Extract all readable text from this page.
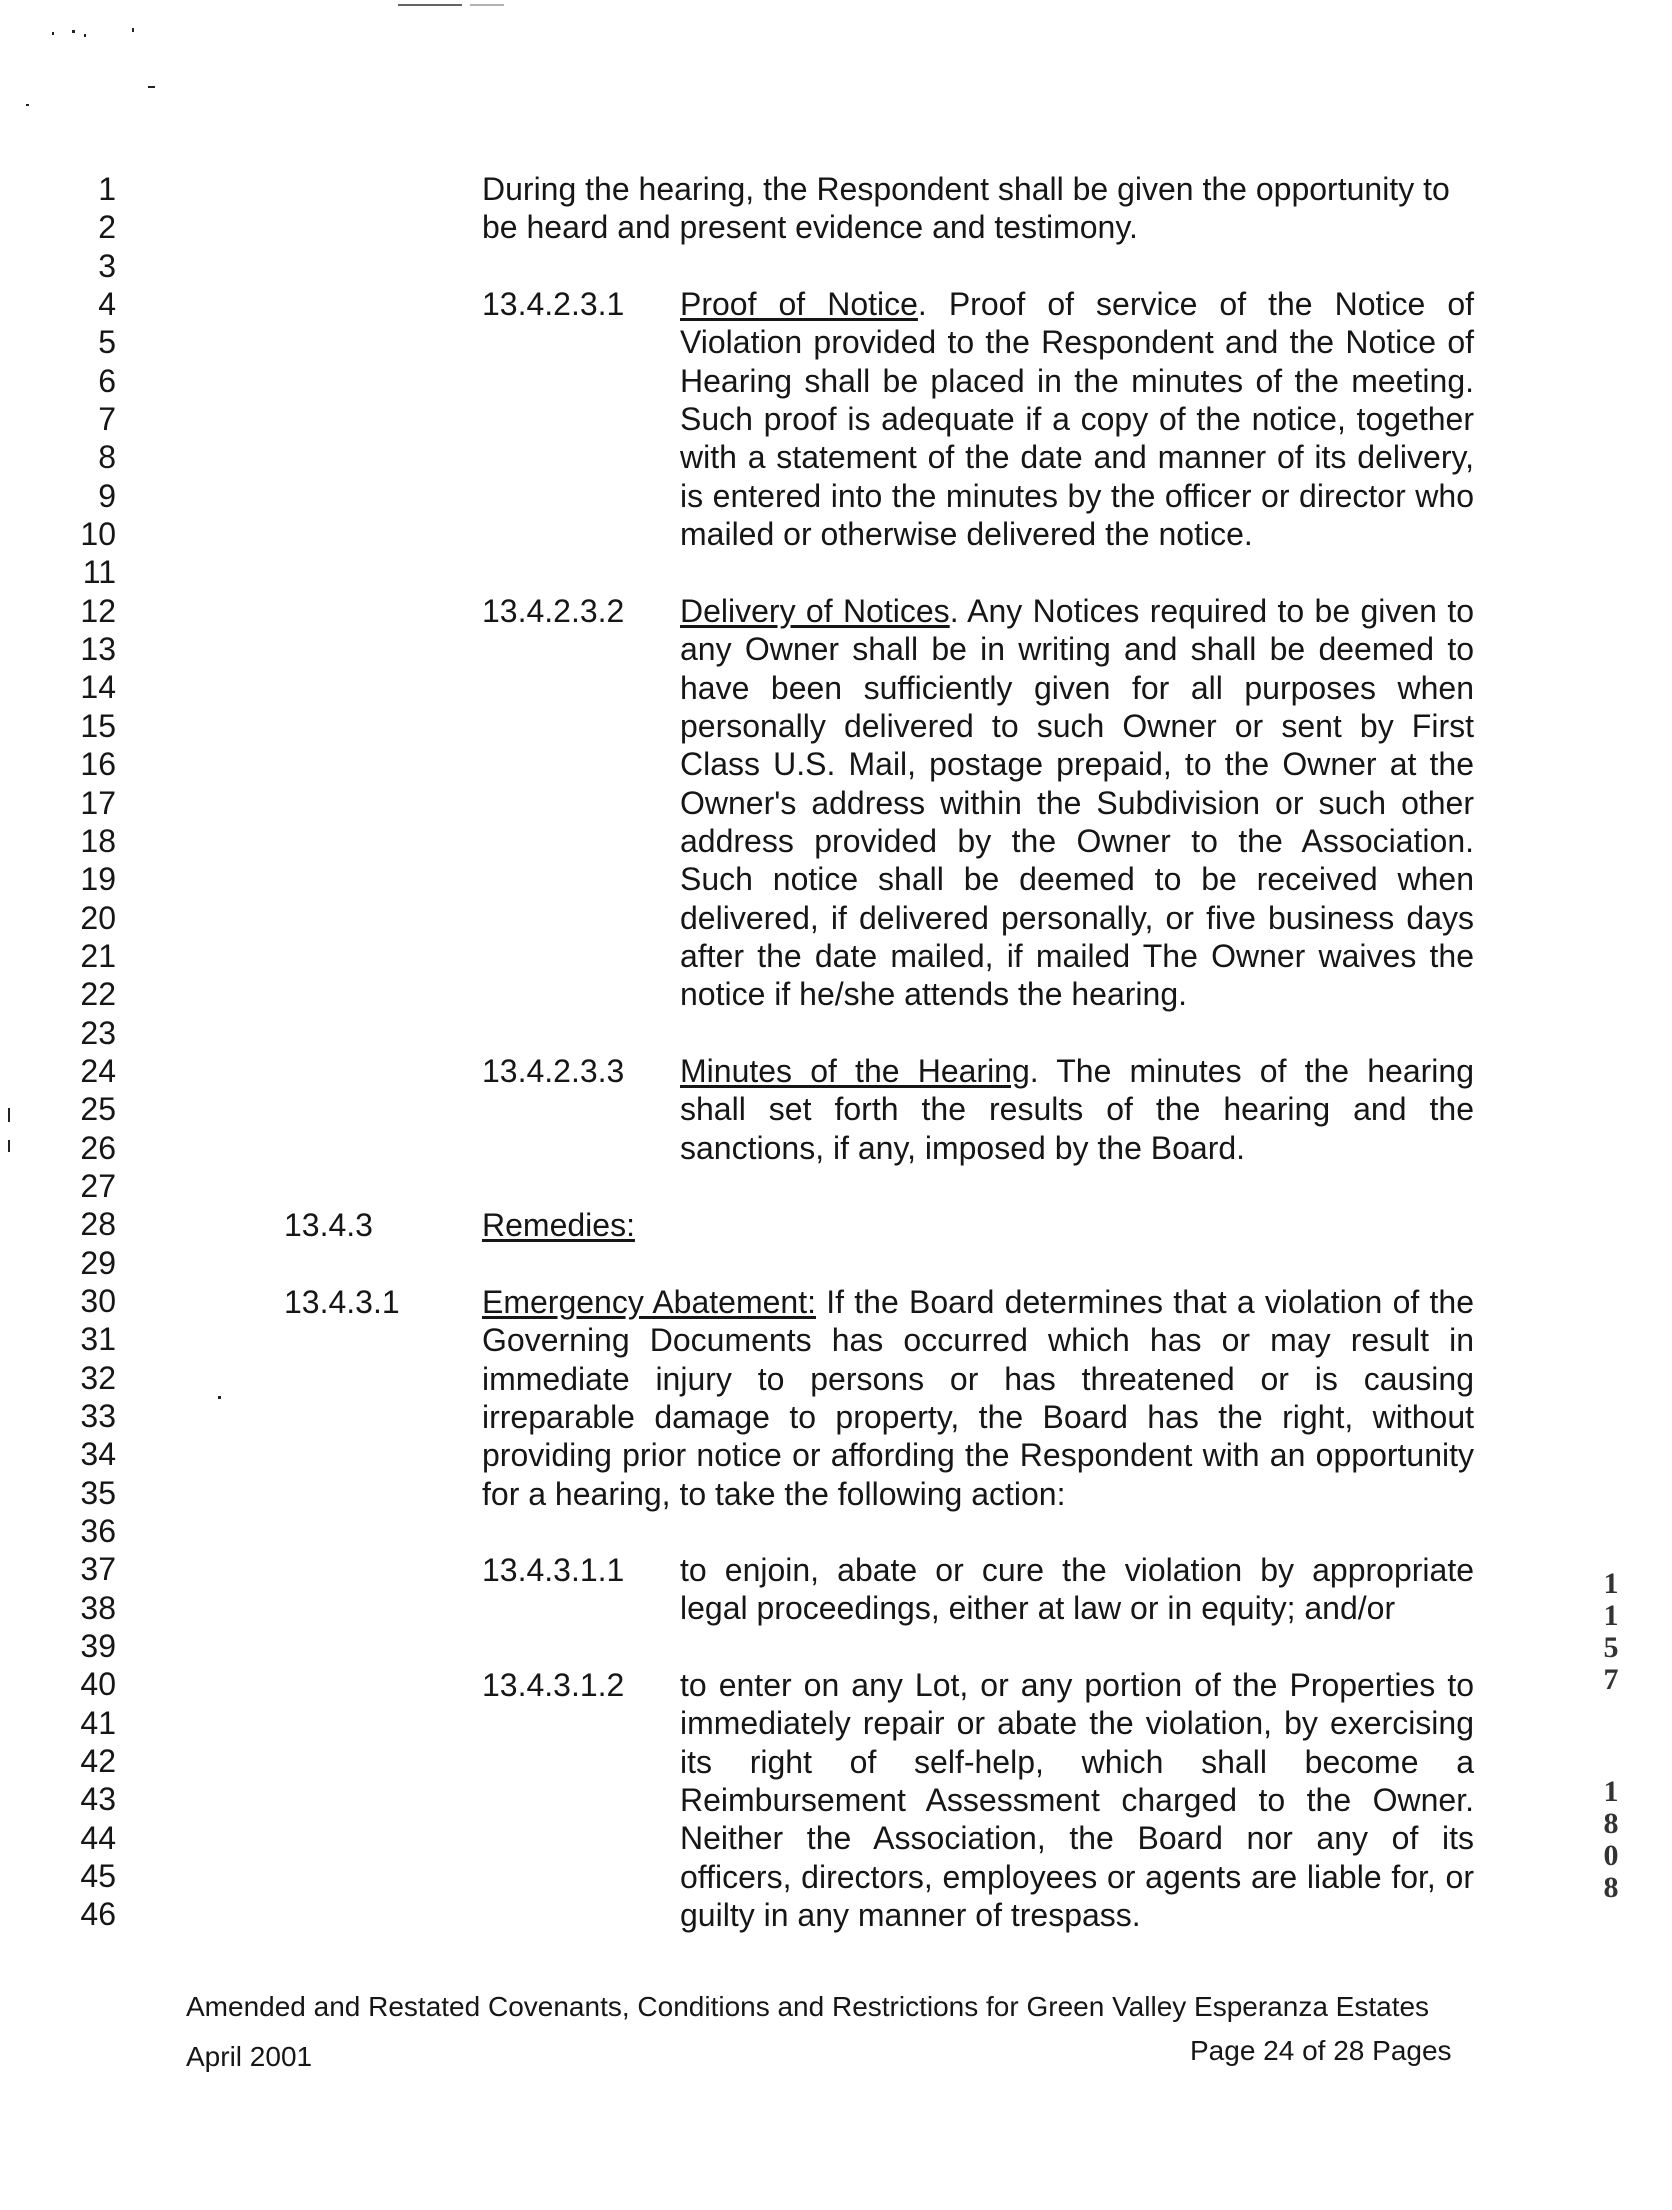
1
2
3
4
5
6
7
8
9
10
11
12
13
14
15
16
17
18
19
20
21
22
23
24
25
26
27
28
29
30
31
32
33
34
35
36
37
38
39
40
41
42
43
44
45
46

During the hearing, the Respondent shall be given the opportunity to be heard and present evidence and testimony.

13.4.2.3.1 Proof of Notice. Proof of service of the Notice of Violation provided to the Respondent and the Notice of Hearing shall be placed in the minutes of the meeting. Such proof is adequate if a copy of the notice, together with a statement of the date and manner of its delivery, is entered into the minutes by the officer or director who mailed or otherwise delivered the notice.

13.4.2.3.2 Delivery of Notices. Any Notices required to be given to any Owner shall be in writing and shall be deemed to have been sufficiently given for all purposes when personally delivered to such Owner or sent by First Class U.S. Mail, postage prepaid, to the Owner at the Owner's address within the Subdivision or such other address provided by the Owner to the Association. Such notice shall be deemed to be received when delivered, if delivered personally, or five business days after the date mailed, if mailed The Owner waives the notice if he/she attends the hearing.

13.4.2.3.3 Minutes of the Hearing. The minutes of the hearing shall set forth the results of the hearing and the sanctions, if any, imposed by the Board.

13.4.3	Remedies:
13.4.3.1	Emergency Abatement: If the Board determines that a violation of the Governing Documents has occurred which has or may result in immediate injury to persons or has threatened or is causing irreparable damage to property, the Board has the right, without providing prior notice or affording the Respondent with an opportunity for a hearing, to take the following action:

13.4.3.1.1 to enjoin, abate or cure the violation by appropriate legal proceedings, either at law or in equity; and/or

13.4.3.1.2 to enter on any Lot, or any portion of the Properties to immediately repair or abate the violation, by exercising its right of self-help, which shall become a Reimbursement Assessment charged to the Owner. Neither the Association, the Board nor any of its officers, directors, employees or agents are liable for, or guilty in any manner of trespass.

Amended and Restated Covenants, Conditions and Restrictions for Green Valley Esperanza Estates
April 2001	Page 24 of 28 Pages
1
1
5
7
1
8
0
8
